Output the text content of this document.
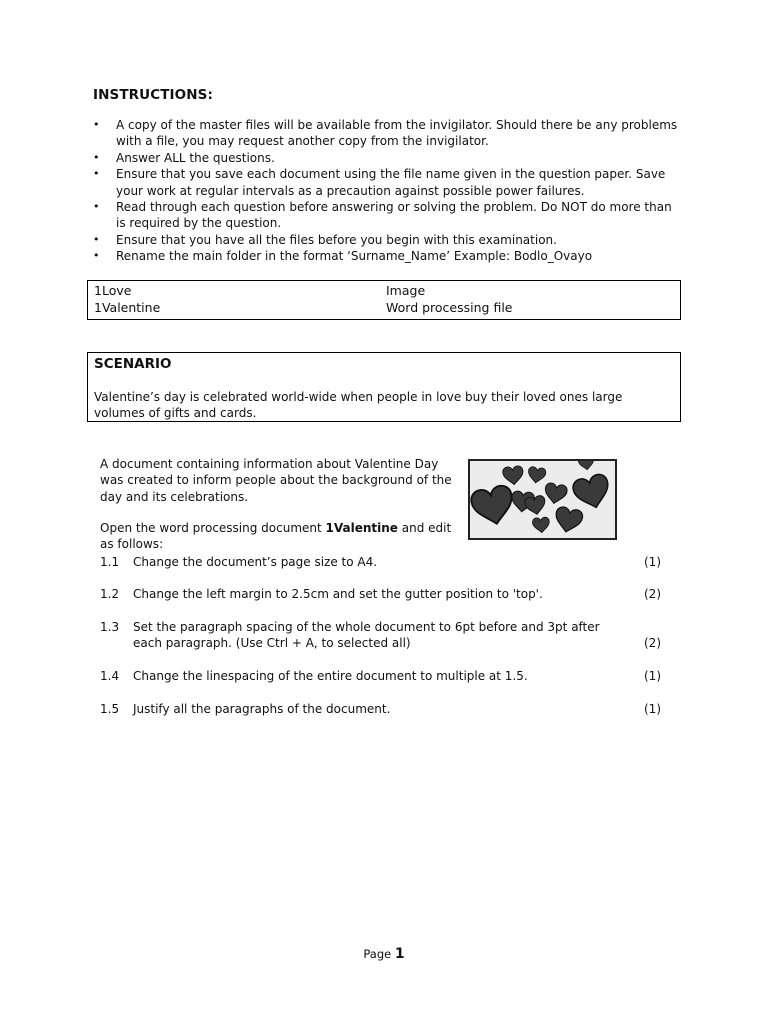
INSTRUCTIONS:
• A copy of the master files will be available from the invigilator. Should there be any problems with a file, you may request another copy from the invigilator.
• Answer ALL the questions.
• Ensure that you save each document using the file name given in the question paper. Save your work at regular intervals as a precaution against possible power failures.
• Read through each question before answering or solving the problem. Do NOT do more than is required by the question.
• Ensure that you have all the files before you begin with this examination.
• Rename the main folder in the format ‘Surname_Name’ Example: Bodlo_Ovayo
1Love	Image
1Valentine	Word processing file
SCENARIO
Valentine’s day is celebrated world-wide when people in love buy their loved ones large volumes of gifts and cards.
A document containing information about Valentine Day was created to inform people about the background of the day and its celebrations.
Open the word processing document 1Valentine and edit as follows:
1.1 Change the document’s page size to A4.	(1)
1.2 Change the left margin to 2.5cm and set the gutter position to 'top'.	(2)
1.3 Set the paragraph spacing of the whole document to 6pt before and 3pt after each paragraph. (Use Ctrl + A, to selected all)	(2)
1.4 Change the linespacing of the entire document to multiple at 1.5.	(1)
1.5 Justify all the paragraphs of the document.	(1)
Page 1
